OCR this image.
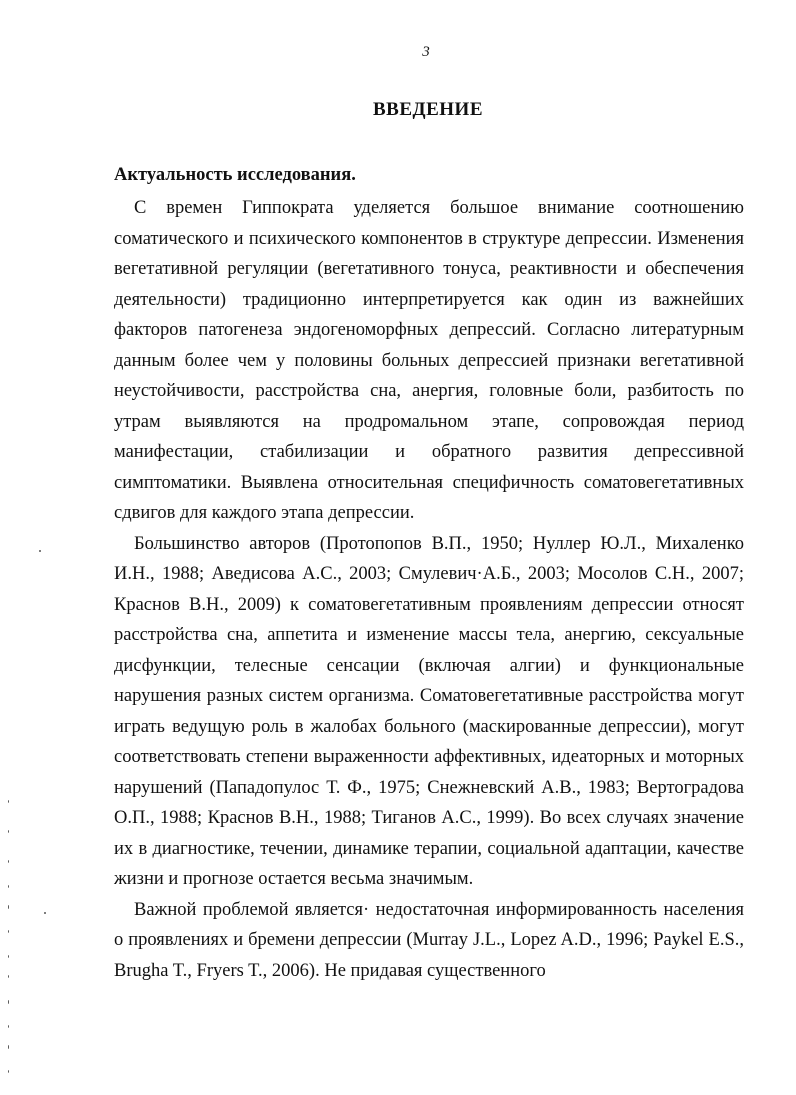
3
ВВЕДЕНИЕ
Актуальность исследования.

С времен Гиппократа уделяется большое внимание соотношению соматического и психического компонентов в структуре депрессии. Изменения вегетативной регуляции (вегетативного тонуса, реактивности и обеспечения деятельности) традиционно интерпретируется как один из важнейших факторов патогенеза эндогеноморфных депрессий. Согласно литературным данным более чем у половины больных депрессией признаки вегетативной неустойчивости, расстройства сна, анергия, головные боли, разбитость по утрам выявляются на продромальном этапе, сопровождая период манифестации, стабилизации и обратного развития депрессивной симптоматики. Выявлена относительная специфичность соматовегетативных сдвигов для каждого этапа депрессии.

Большинство авторов (Протопопов В.П., 1950; Нуллер Ю.Л., Михаленко И.Н., 1988; Аведисова А.С., 2003; Смулевич·А.Б., 2003; Мосолов С.Н., 2007; Краснов В.Н., 2009) к соматовегетативным проявлениям депрессии относят расстройства сна, аппетита и изменение массы тела, анергию, сексуальные дисфункции, телесные сенсации (включая алгии) и функциональные нарушения разных систем организма. Соматовегетативные расстройства могут играть ведущую роль в жалобах больного (маскированные депрессии), могут соответствовать степени выраженности аффективных, идеаторных и моторных нарушений (Пападопулос Т. Ф., 1975; Снежневский А.В., 1983; Вертоградова О.П., 1988; Краснов В.Н., 1988; Тиганов А.С., 1999). Во всех случаях значение их в диагностике, течении, динамике терапии, социальной адаптации, качестве жизни и прогнозе остается весьма значимым.

Важной проблемой является· недостаточная информированность населения о проявлениях и бремени депрессии (Murray J.L., Lopez A.D., 1996; Paykel E.S., Brugha T., Fryers T., 2006). Не придавая существенного
